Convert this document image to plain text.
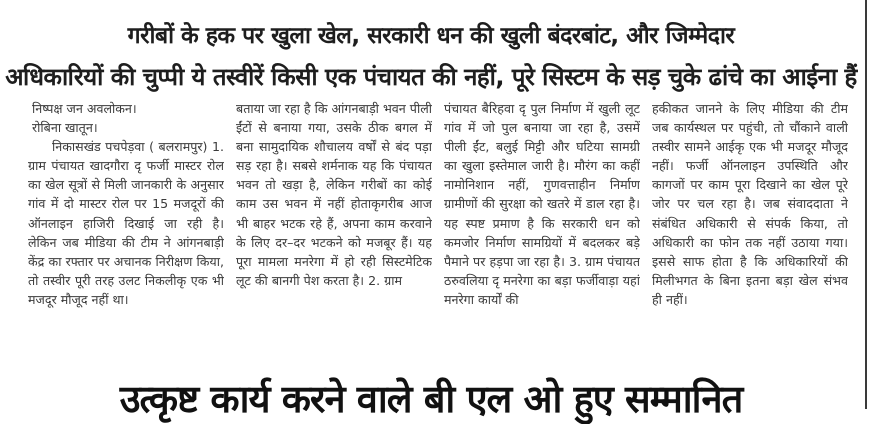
गरीबों के हक पर खुला खेल, सरकारी धन की खुली बंदरबांट, और जिम्मेदार
अधिकारियों की चुप्पी ये तस्वीरें किसी एक पंचायत की नहीं, पूरे सिस्टम के सड़ चुके ढांचे का आईना हैं
निष्पक्ष जन अवलोकन।
रोबिना खातून।

निकासखंड पचपेड़वा ( बलरामपुर) 1. ग्राम पंचायत खादगौरा दृ फर्जी मास्टर रोल का खेल सूत्रों से मिली जानकारी के अनुसार गांव में दो मास्टर रोल पर 15 मजदूरों की ऑनलाइन हाजिरी दिखाई जा रही है। लेकिन जब मीडिया की टीम ने आंगनबाड़ी केंद्र का रफ्तार पर अचानक निरीक्षण किया, तो तस्वीर पूरी तरह उलट निकलीकृ एक भी मजदूर मौजूद नहीं था।

बताया जा रहा है कि आंगनबाड़ी भवन पीली ईंटों से बनाया गया, उसके ठीक बगल में बना सामुदायिक शौचालय वर्षों से बंद पड़ा सड़ रहा है। सबसे शर्मनाक यह कि पंचायत भवन तो खड़ा है, लेकिन गरीबों का कोई काम उस भवन में नहीं होताकृगरीब आज भी बाहर भटक रहे हैं, अपना काम करवाने के लिए दर–दर भटकने को मजबूर हैं। यह पूरा मामला मनरेगा में हो रही सिस्टमेटिक लूट की बानगी पेश करता है। 2. ग्राम

पंचायत बैरिहवा दृ पुल निर्माण में खुली लूट गांव में जो पुल बनाया जा रहा है, उसमें पीली ईंट, बलुई मिट्टी और घटिया सामग्री का खुला इस्तेमाल जारी है। मौरंग का कहीं नामोनिशान नहीं, गुणवत्ताहीन निर्माण ग्रामीणों की सुरक्षा को खतरे में डाल रहा है। यह स्पष्ट प्रमाण है कि सरकारी धन को कमजोर निर्माण सामग्रियों में बदलकर बड़े पैमाने पर हड़पा जा रहा है। 3. ग्राम पंचायत ठरुवलिया दृ मनरेगा का बड़ा फर्जीवाड़ा यहां मनरेगा कार्यों की

हकीकत जानने के लिए मीडिया की टीम जब कार्यस्थल पर पहुंची, तो चौंकाने वाली तस्वीर सामने आईकृ एक भी मजदूर मौजूद नहीं। फर्जी ऑनलाइन उपस्थिति और कागजों पर काम पूरा दिखाने का खेल पूरे जोर पर चल रहा है। जब संवाददाता ने संबंधित अधिकारी से संपर्क किया, तो अधिकारी का फोन तक नहीं उठाया गया। इससे साफ होता है कि अधिकारियों की मिलीभगत के बिना इतना बड़ा खेल संभव ही नहीं।

उत्कृष्ट कार्य करने वाले बी एल ओ हुए सम्मानित
